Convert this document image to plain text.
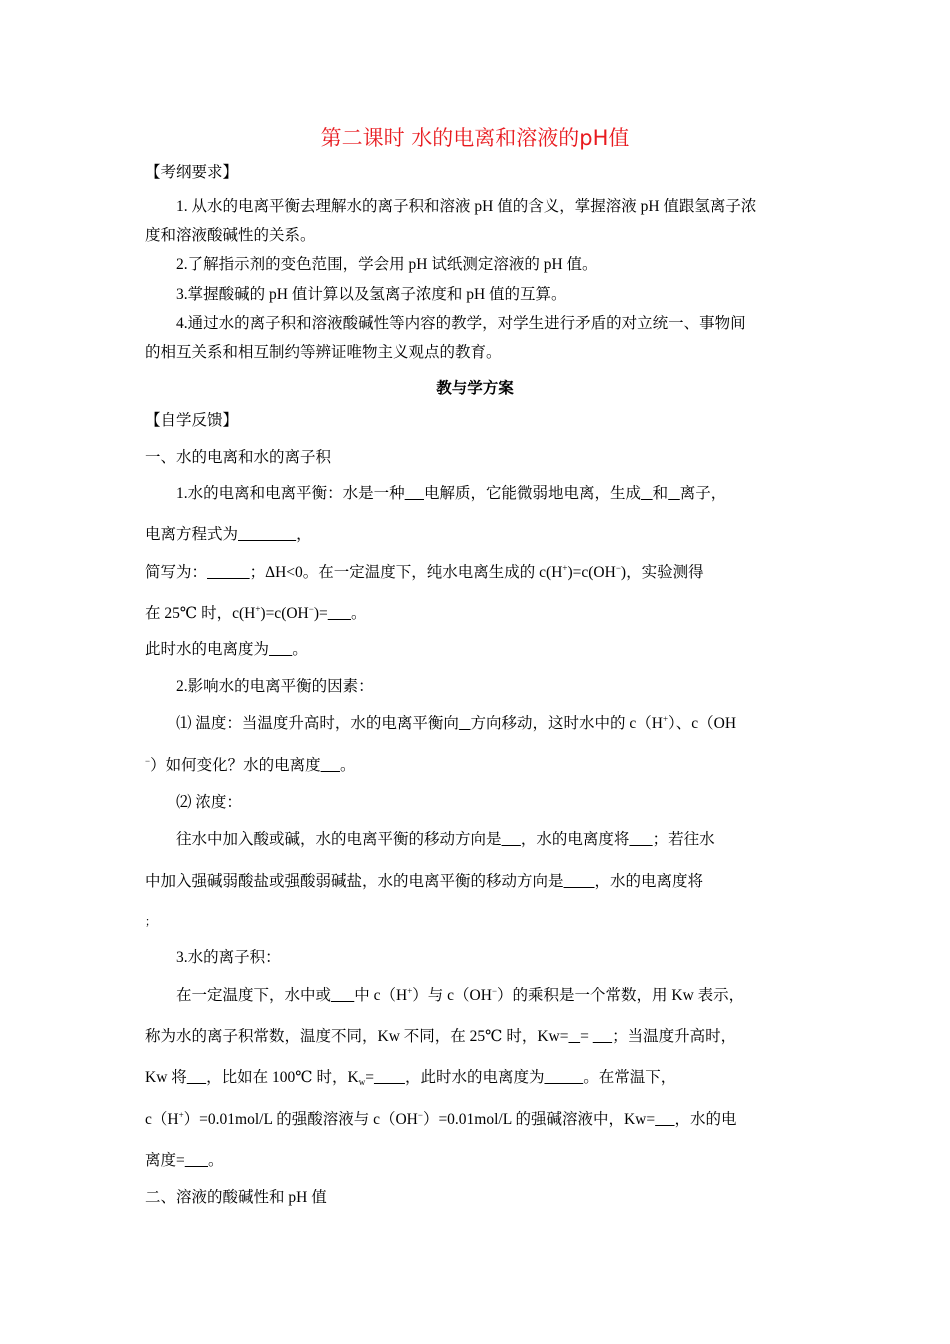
第二课时 水的电离和溶液的pH值
【考纲要求】
1. 从水的电离平衡去理解水的离子积和溶液 pH 值的含义，掌握溶液 pH 值跟氢离子浓
度和溶液酸碱性的关系。
2.了解指示剂的变色范围，学会用 pH 试纸测定溶液的 pH 值。
3.掌握酸碱的 pH 值计算以及氢离子浓度和 pH 值的互算。
4.通过水的离子积和溶液酸碱性等内容的教学，对学生进行矛盾的对立统一、事物间
的相互关系和相互制约等辨证唯物主义观点的教育。
教与学方案
【自学反馈】
一、水的电离和水的离子积
1.水的电离和电离平衡：水是一种 电解质，它能微弱地电离，生成 和 离子，
电离方程式为	，
简写为：	；ΔH<0。在一定温度下，纯水电离生成的 c(H+)=c(OH−)，实验测得
在 25℃ 时，c(H+)=c(OH−)= 。
此时水的电离度为 。
2.影响水的电离平衡的因素：
⑴ 温度：当温度升高时，水的电离平衡向 方向移动，这时水中的 c（H+）、c（OH
−）如何变化？水的电离度 。
⑵ 浓度：
往水中加入酸或碱，水的电离平衡的移动方向是 ，水的电离度将 ；若往水
中加入强碱弱酸盐或强酸弱碱盐，水的电离平衡的移动方向是 ，水的电离度将
；
3.水的离子积：
在一定温度下，水中或 中 c（H+）与 c（OH−）的乘积是一个常数，用 Kw 表示，
称为水的离子积常数，温度不同，Kw 不同，在 25℃ 时，Kw= = ；当温度升高时，
Kw 将 ，比如在 100℃ 时，$K_w=$ ，此时水的电离度为	。在常温下，
c（H+）=0.01mol/L 的强酸溶液与 c（OH−）=0.01mol/L 的强碱溶液中，Kw= ，水的电
离度= 。
二、溶液的酸碱性和 pH 值
